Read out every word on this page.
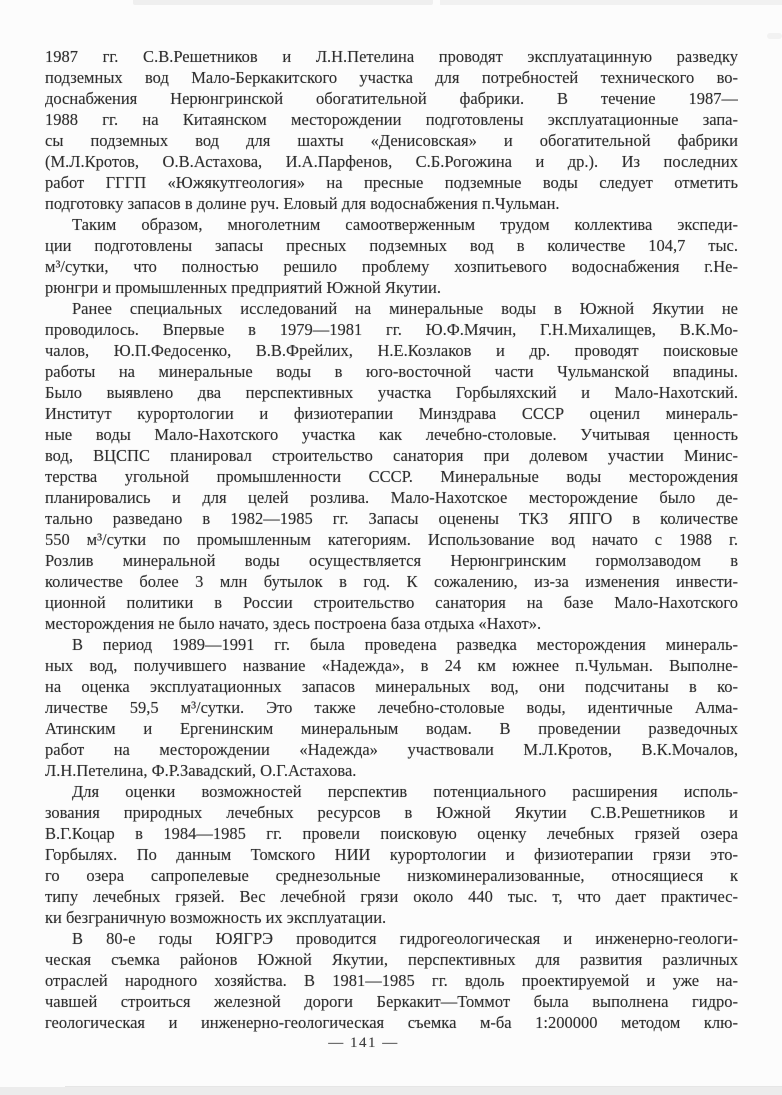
1987 гг. С.В.Решетников и Л.Н.Петелина проводят эксплуатацинную разведку
подземных вод Мало-Беркакитского участка для потребностей технического во-
доснабжения Нерюнгринской обогатительной фабрики. В течение 1987—
1988 гг. на Китаянском месторождении подготовлены эксплуатационные запа-
сы подземных вод для шахты «Денисовская» и обогатительной фабрики
(М.Л.Кротов, О.В.Астахова, И.А.Парфенов, С.Б.Рогожина и др.). Из последних
работ ГГГП «Южякутгеология» на пресные подземные воды следует отметить
подготовку запасов в долине руч. Еловый для водоснабжения п.Чульман.
Таким образом, многолетним самоотверженным трудом коллектива экспеди-
ции подготовлены запасы пресных подземных вод в количестве 104,7 тыс.
м³/сутки, что полностью решило проблему хозпитьевого водоснабжения г.Не-
рюнгри и промышленных предприятий Южной Якутии.
Ранее специальных исследований на минеральные воды в Южной Якутии не
проводилось. Впервые в 1979—1981 гг. Ю.Ф.Мячин, Г.Н.Михалищев, В.К.Мо-
чалов, Ю.П.Федосенко, В.В.Фрейлих, Н.Е.Козлаков и др. проводят поисковые
работы на минеральные воды в юго-восточной части Чульманской впадины.
Было выявлено два перспективных участка Горбыляхский и Мало-Нахотский.
Институт курортологии и физиотерапии Минздрава СССР оценил минераль-
ные воды Мало-Нахотского участка как лечебно-столовые. Учитывая ценность
вод, ВЦСПС планировал строительство санатория при долевом участии Минис-
терства угольной промышленности СССР. Минеральные воды месторождения
планировались и для целей розлива. Мало-Нахотское месторождение было де-
тально разведано в 1982—1985 гг. Запасы оценены ТКЗ ЯПГО в количестве
550 м³/сутки по промышленным категориям. Использование вод начато с 1988 г.
Розлив минеральной воды осуществляется Нерюнгринским гормолзаводом в
количестве более 3 млн бутылок в год. К сожалению, из-за изменения инвести-
ционной политики в России строительство санатория на базе Мало-Нахотского
месторождения не было начато, здесь построена база отдыха «Нахот».
В период 1989—1991 гг. была проведена разведка месторождения минераль-
ных вод, получившего название «Надежда», в 24 км южнее п.Чульман. Выполне-
на оценка эксплуатационных запасов минеральных вод, они подсчитаны в ко-
личестве 59,5 м³/сутки. Это также лечебно-столовые воды, идентичные Алма-
Атинским и Ергенинским минеральным водам. В проведении разведочных
работ на месторождении «Надежда» участвовали М.Л.Кротов, В.К.Мочалов,
Л.Н.Петелина, Ф.Р.Завадский, О.Г.Астахова.
Для оценки возможностей перспектив потенциального расширения исполь-
зования природных лечебных ресурсов в Южной Якутии С.В.Решетников и
В.Г.Коцар в 1984—1985 гг. провели поисковую оценку лечебных грязей озера
Горбылях. По данным Томского НИИ курортологии и физиотерапии грязи это-
го озера сапропелевые среднезольные низкоминерализованные, относящиеся к
типу лечебных грязей. Вес лечебной грязи около 440 тыс. т, что дает практичес-
ки безграничную возможность их эксплуатации.
В 80-е годы ЮЯГРЭ проводится гидрогеологическая и инженерно-геологи-
ческая съемка районов Южной Якутии, перспективных для развития различных
отраслей народного хозяйства. В 1981—1985 гг. вдоль проектируемой и уже на-
чавшей строиться железной дороги Беркакит—Томмот была выполнена гидро-
геологическая и инженерно-геологическая съемка м-ба 1:200000 методом клю-
— 141 —
